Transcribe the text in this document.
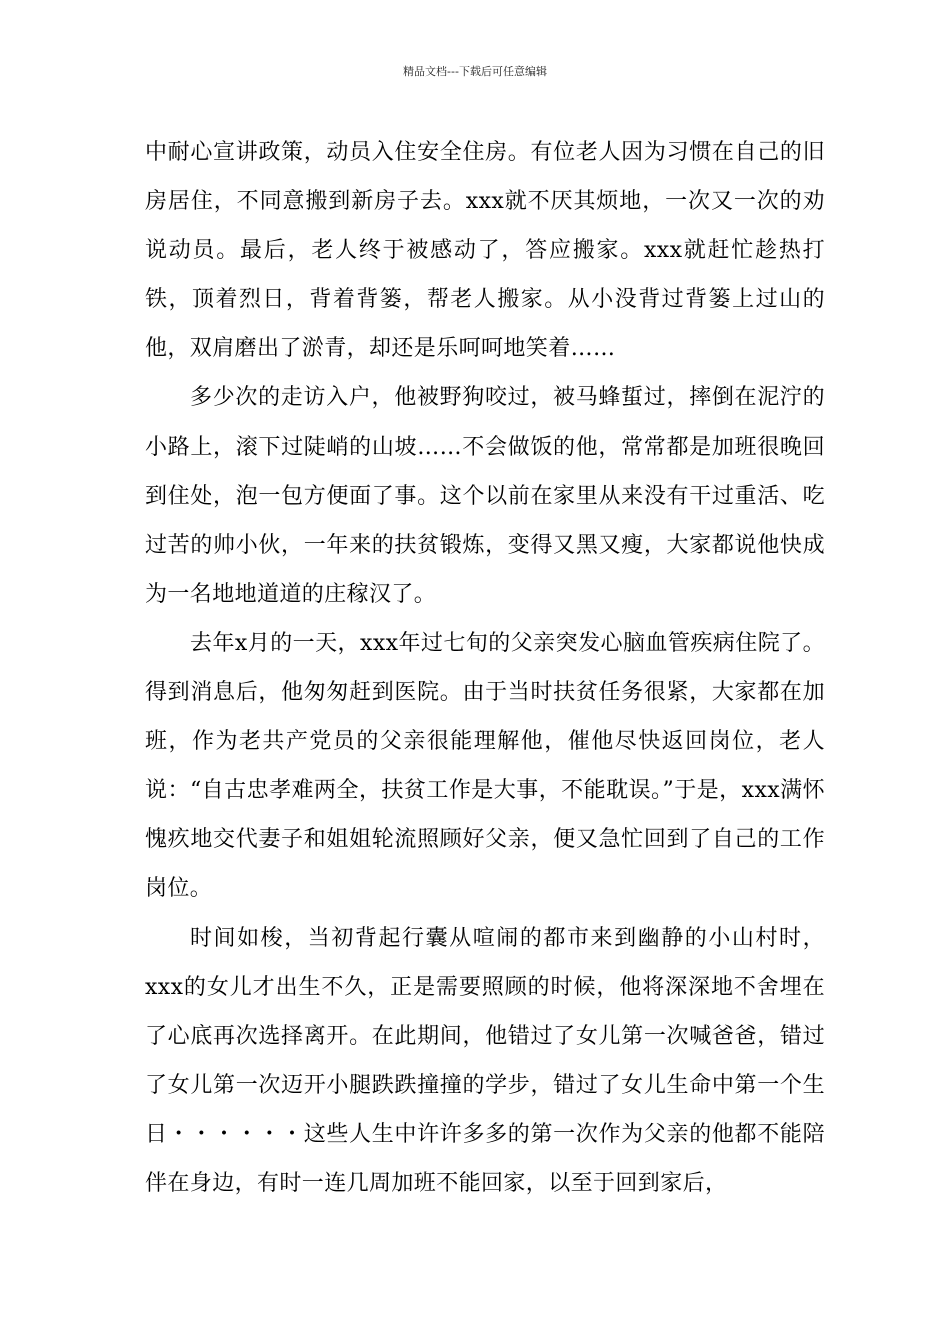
精品文档---下载后可任意编辑

中耐心宣讲政策，动员入住安全住房。有位老人因为习惯在自己的旧房居住，不同意搬到新房子去。xxx就不厌其烦地，一次又一次的劝说动员。最后，老人终于被感动了，答应搬家。xxx就赶忙趁热打铁，顶着烈日，背着背篓，帮老人搬家。从小没背过背篓上过山的他，双肩磨出了淤青，却还是乐呵呵地笑着……

多少次的走访入户，他被野狗咬过，被马蜂蜇过，摔倒在泥泞的小路上，滚下过陡峭的山坡……不会做饭的他，常常都是加班很晚回到住处，泡一包方便面了事。这个以前在家里从来没有干过重活、吃过苦的帅小伙，一年来的扶贫锻炼，变得又黑又瘦，大家都说他快成为一名地地道道的庄稼汉了。

去年x月的一天，xxx年过七旬的父亲突发心脑血管疾病住院了。得到消息后，他匆匆赶到医院。由于当时扶贫任务很紧，大家都在加班，作为老共产党员的父亲很能理解他，催他尽快返回岗位，老人说：“自古忠孝难两全，扶贫工作是大事，不能耽误。”于是，xxx满怀愧疚地交代妻子和姐姐轮流照顾好父亲，便又急忙回到了自己的工作岗位。

时间如梭，当初背起行囊从喧闹的都市来到幽静的小山村时，xxx的女儿才出生不久，正是需要照顾的时候，他将深深地不舍埋在了心底再次选择离开。在此期间，他错过了女儿第一次喊爸爸，错过了女儿第一次迈开小腿跌跌撞撞的学步，错过了女儿生命中第一个生日・・・・・・这些人生中许许多多的第一次作为父亲的他都不能陪伴在身边，有时一连几周加班不能回家，以至于回到家后，
